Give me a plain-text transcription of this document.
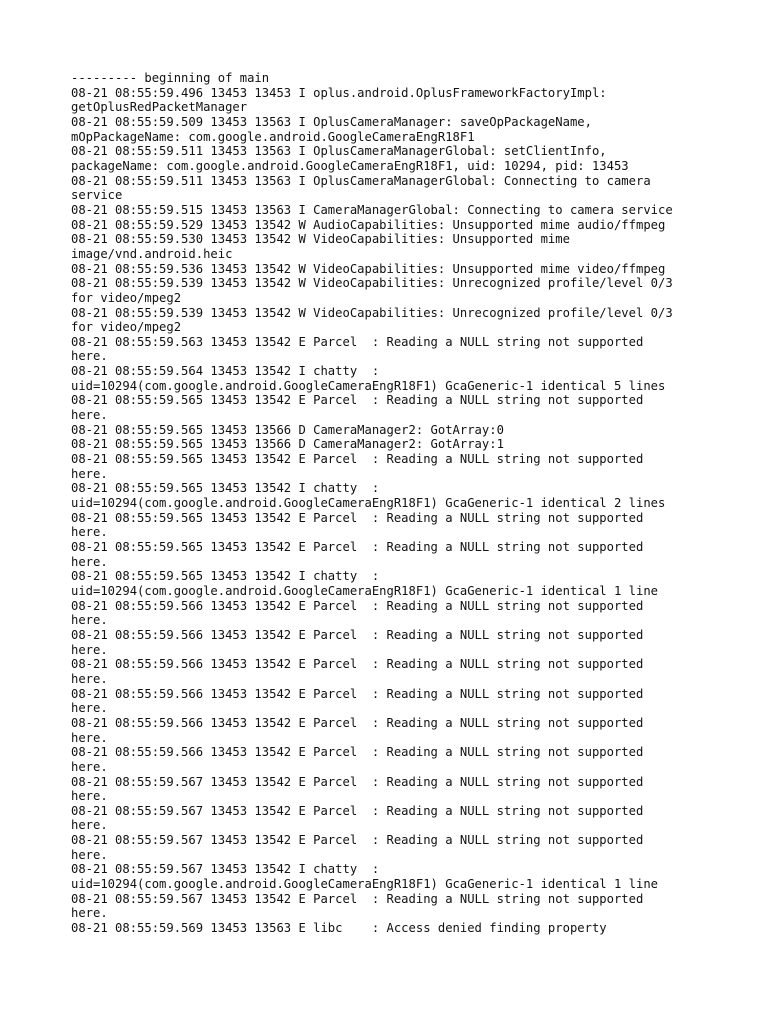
--------- beginning of main
08-21 08:55:59.496 13453 13453 I oplus.android.OplusFrameworkFactoryImpl:
getOplusRedPacketManager
08-21 08:55:59.509 13453 13563 I OplusCameraManager: saveOpPackageName,
mOpPackageName: com.google.android.GoogleCameraEngR18F1
08-21 08:55:59.511 13453 13563 I OplusCameraManagerGlobal: setClientInfo,
packageName: com.google.android.GoogleCameraEngR18F1, uid: 10294, pid: 13453
08-21 08:55:59.511 13453 13563 I OplusCameraManagerGlobal: Connecting to camera
service
08-21 08:55:59.515 13453 13563 I CameraManagerGlobal: Connecting to camera service
08-21 08:55:59.529 13453 13542 W AudioCapabilities: Unsupported mime audio/ffmpeg
08-21 08:55:59.530 13453 13542 W VideoCapabilities: Unsupported mime
image/vnd.android.heic
08-21 08:55:59.536 13453 13542 W VideoCapabilities: Unsupported mime video/ffmpeg
08-21 08:55:59.539 13453 13542 W VideoCapabilities: Unrecognized profile/level 0/3
for video/mpeg2
08-21 08:55:59.539 13453 13542 W VideoCapabilities: Unrecognized profile/level 0/3
for video/mpeg2
08-21 08:55:59.563 13453 13542 E Parcel  : Reading a NULL string not supported
here.
08-21 08:55:59.564 13453 13542 I chatty  :
uid=10294(com.google.android.GoogleCameraEngR18F1) GcaGeneric-1 identical 5 lines
08-21 08:55:59.565 13453 13542 E Parcel  : Reading a NULL string not supported
here.
08-21 08:55:59.565 13453 13566 D CameraManager2: GotArray:0
08-21 08:55:59.565 13453 13566 D CameraManager2: GotArray:1
08-21 08:55:59.565 13453 13542 E Parcel  : Reading a NULL string not supported
here.
08-21 08:55:59.565 13453 13542 I chatty  :
uid=10294(com.google.android.GoogleCameraEngR18F1) GcaGeneric-1 identical 2 lines
08-21 08:55:59.565 13453 13542 E Parcel  : Reading a NULL string not supported
here.
08-21 08:55:59.565 13453 13542 E Parcel  : Reading a NULL string not supported
here.
08-21 08:55:59.565 13453 13542 I chatty  :
uid=10294(com.google.android.GoogleCameraEngR18F1) GcaGeneric-1 identical 1 line
08-21 08:55:59.566 13453 13542 E Parcel  : Reading a NULL string not supported
here.
08-21 08:55:59.566 13453 13542 E Parcel  : Reading a NULL string not supported
here.
08-21 08:55:59.566 13453 13542 E Parcel  : Reading a NULL string not supported
here.
08-21 08:55:59.566 13453 13542 E Parcel  : Reading a NULL string not supported
here.
08-21 08:55:59.566 13453 13542 E Parcel  : Reading a NULL string not supported
here.
08-21 08:55:59.566 13453 13542 E Parcel  : Reading a NULL string not supported
here.
08-21 08:55:59.567 13453 13542 E Parcel  : Reading a NULL string not supported
here.
08-21 08:55:59.567 13453 13542 E Parcel  : Reading a NULL string not supported
here.
08-21 08:55:59.567 13453 13542 E Parcel  : Reading a NULL string not supported
here.
08-21 08:55:59.567 13453 13542 I chatty  :
uid=10294(com.google.android.GoogleCameraEngR18F1) GcaGeneric-1 identical 1 line
08-21 08:55:59.567 13453 13542 E Parcel  : Reading a NULL string not supported
here.
08-21 08:55:59.569 13453 13563 E libc    : Access denied finding property
